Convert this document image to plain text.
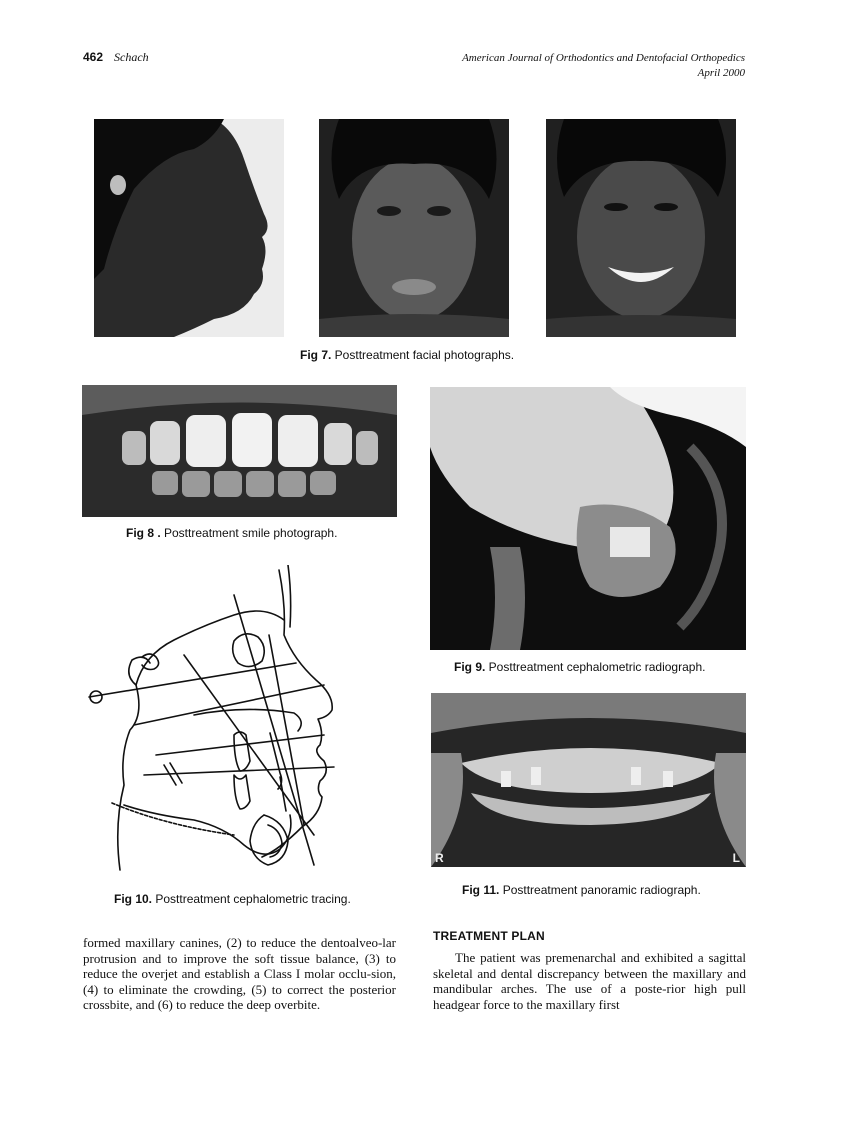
462 Schach	American Journal of Orthodontics and Dentofacial Orthopedics
April 2000
Fig 7. Posttreatment facial photographs.
Fig 8 . Posttreatment smile photograph.
Fig 9. Posttreatment cephalometric radiograph.
Fig 10. Posttreatment cephalometric tracing.
R	L
Fig 11. Posttreatment panoramic radiograph.
formed maxillary canines, (2) to reduce the dentoalveo-lar protrusion and to improve the soft tissue balance, (3) to reduce the overjet and establish a Class I molar occlu-sion, (4) to eliminate the crowding, (5) to correct the posterior crossbite, and (6) to reduce the deep overbite.
TREATMENT PLAN
The patient was premenarchal and exhibited a sagittal skeletal and dental discrepancy between the maxillary and mandibular arches. The use of a poste-rior high pull headgear force to the maxillary first
